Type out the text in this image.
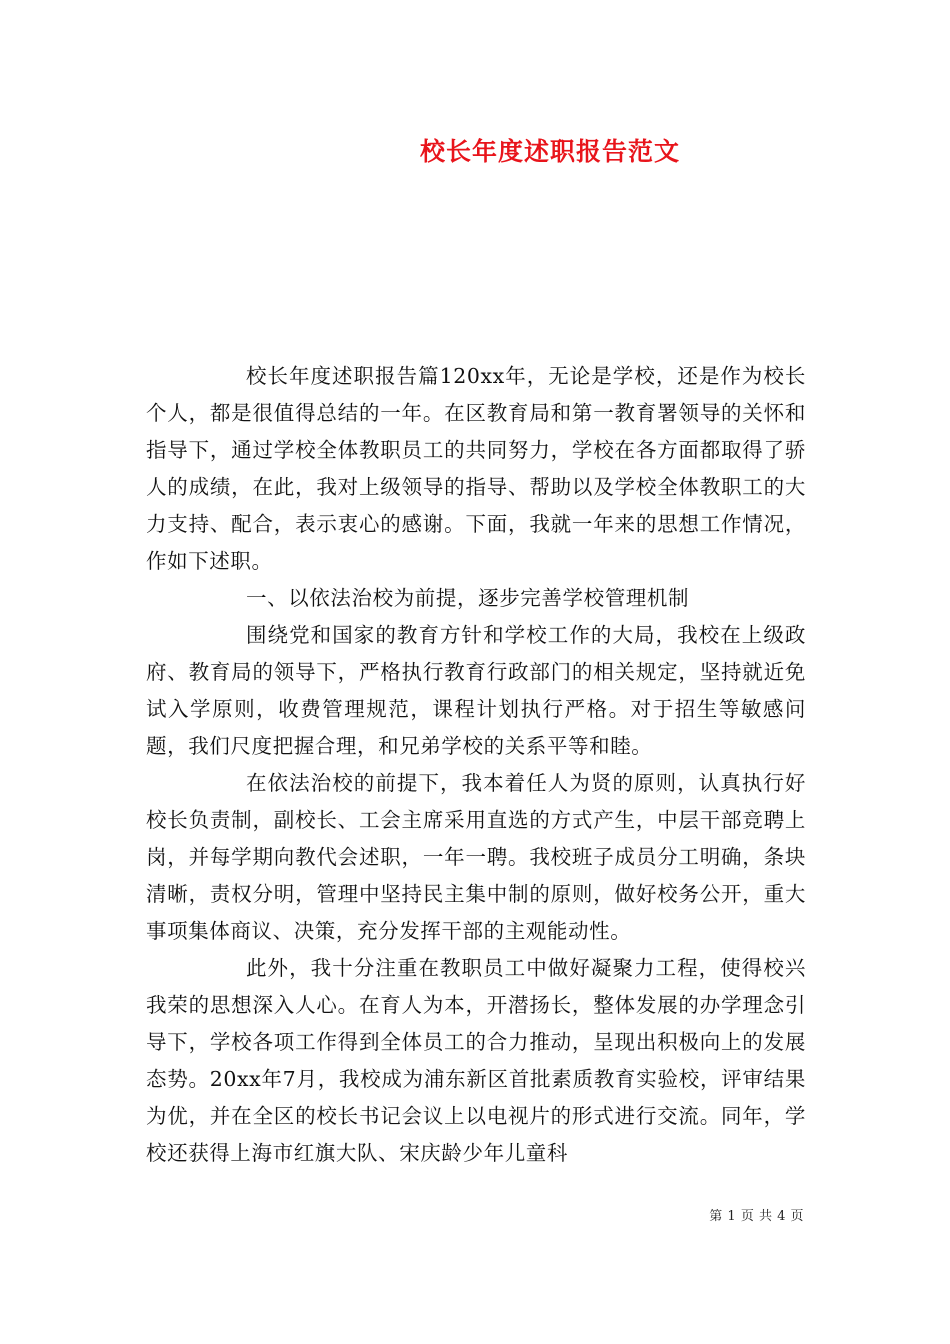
校长年度述职报告范文

校长年度述职报告篇120xx年，无论是学校，还是作为校长个人，都是很值得总结的一年。在区教育局和第一教育署领导的关怀和指导下，通过学校全体教职员工的共同努力，学校在各方面都取得了骄人的成绩，在此，我对上级领导的指导、帮助以及学校全体教职工的大力支持、配合，表示衷心的感谢。下面，我就一年来的思想工作情况，作如下述职。

一、以依法治校为前提，逐步完善学校管理机制

围绕党和国家的教育方针和学校工作的大局，我校在上级政府、教育局的领导下，严格执行教育行政部门的相关规定，坚持就近免试入学原则，收费管理规范，课程计划执行严格。对于招生等敏感问题，我们尺度把握合理，和兄弟学校的关系平等和睦。

在依法治校的前提下，我本着任人为贤的原则，认真执行好校长负责制，副校长、工会主席采用直选的方式产生，中层干部竞聘上岗，并每学期向教代会述职，一年一聘。我校班子成员分工明确，条块清晰，责权分明，管理中坚持民主集中制的原则，做好校务公开，重大事项集体商议、决策，充分发挥干部的主观能动性。

此外，我十分注重在教职员工中做好凝聚力工程，使得校兴我荣的思想深入人心。在育人为本，开潜扬长，整体发展的办学理念引导下，学校各项工作得到全体员工的合力推动，呈现出积极向上的发展态势。20xx年7月，我校成为浦东新区首批素质教育实验校，评审结果为优，并在全区的校长书记会议上以电视片的形式进行交流。同年，学校还获得上海市红旗大队、宋庆龄少年儿童科

第 1 页 共 4 页
